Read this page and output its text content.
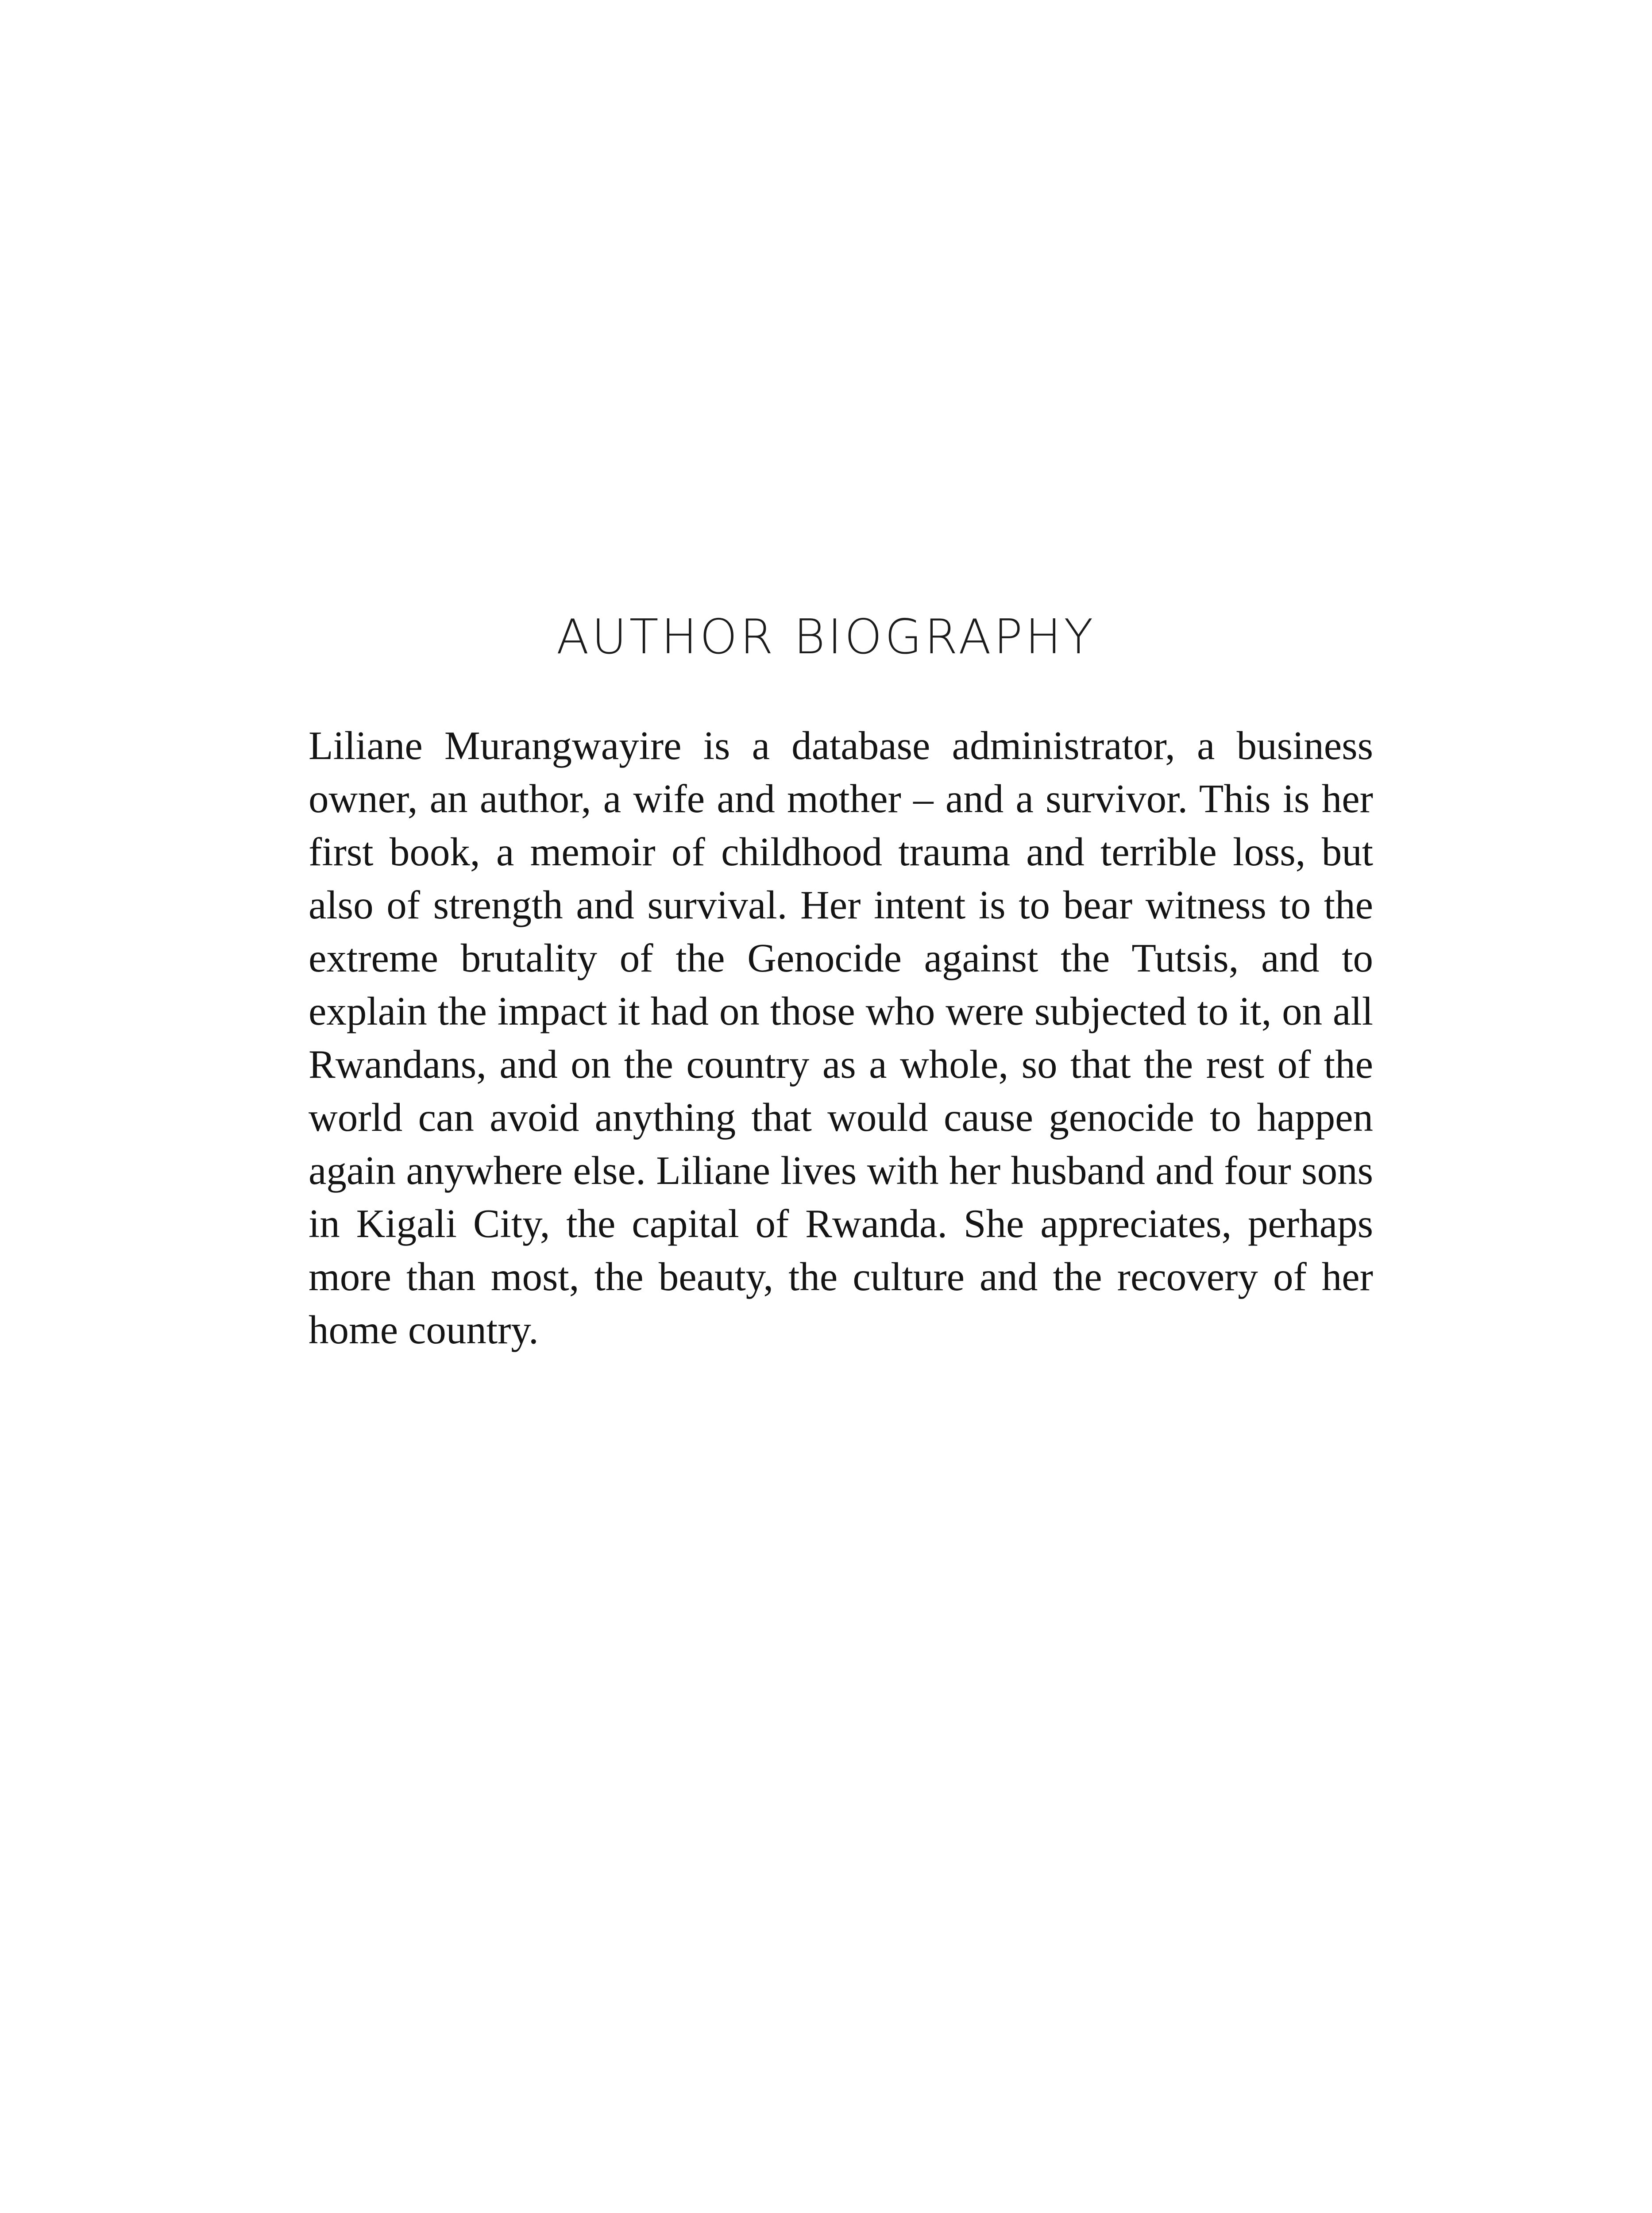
AUTHOR BIOGRAPHY

Liliane Murangwayire is a database administrator, a business owner, an author, a wife and mother – and a survivor. This is her first book, a memoir of childhood trauma and terrible loss, but also of strength and survival. Her intent is to bear witness to the extreme brutality of the Genocide against the Tutsis, and to explain the impact it had on those who were subjected to it, on all Rwandans, and on the country as a whole, so that the rest of the world can avoid anything that would cause genocide to happen again anywhere else. Liliane lives with her husband and four sons in Kigali City, the capital of Rwanda. She appreciates, perhaps more than most, the beauty, the culture and the recovery of her home country.
